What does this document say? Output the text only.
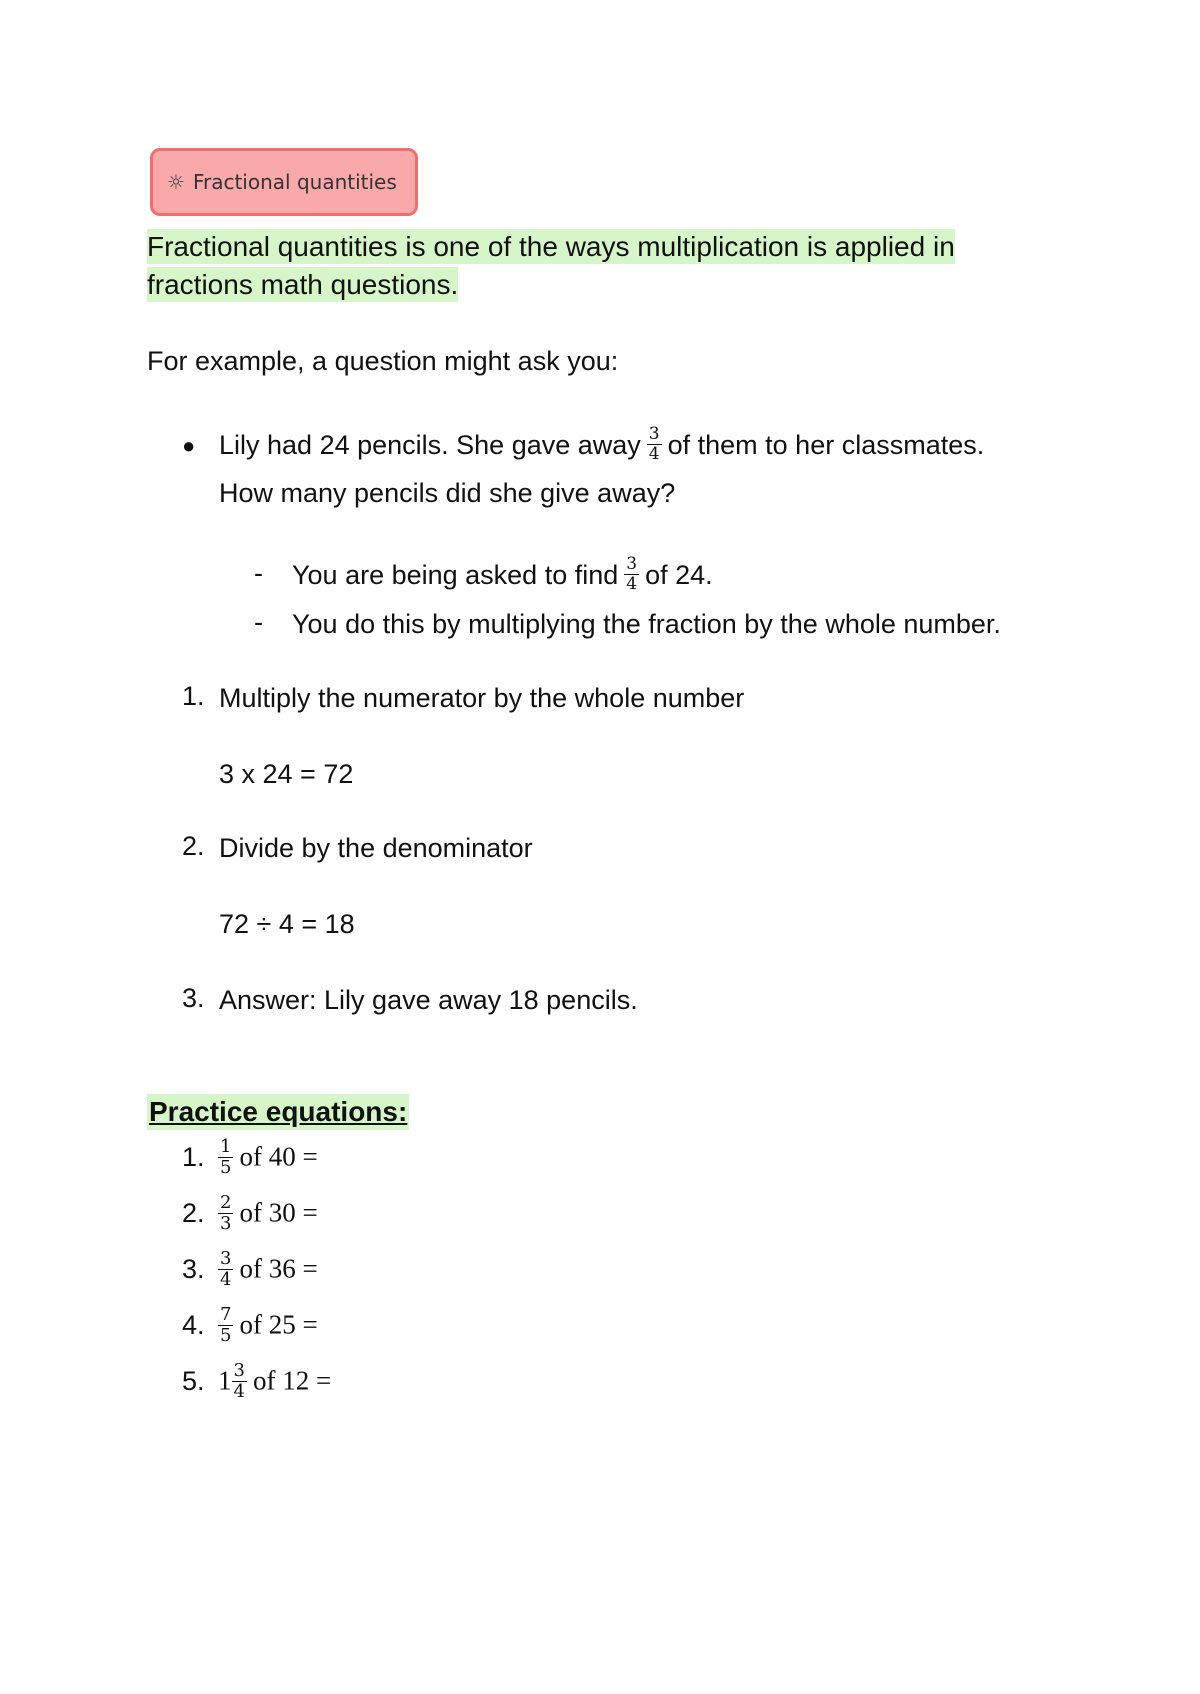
☼ Fractional quantities
Fractional quantities is one of the ways multiplication is applied in
fractions math questions.
For example, a question might ask you:
● Lily had 24 pencils. She gave away $\frac{3}{4}$ of them to her classmates.
How many pencils did she give away?
- You are being asked to find $\frac{3}{4}$ of 24.
- You do this by multiplying the fraction by the whole number.
1. Multiply the numerator by the whole number
3 x 24 = 72
2. Divide by the denominator
72 ÷ 4 = 18
3. Answer: Lily gave away 18 pencils.
Practice equations:
1. $\frac{1}{5}$ of 40 =
2. $\frac{2}{3}$ of 30 =
3. $\frac{3}{4}$ of 36 =
4. $\frac{7}{5}$ of 25 =
5. $1 \frac{3}{4}$ of 12 =
